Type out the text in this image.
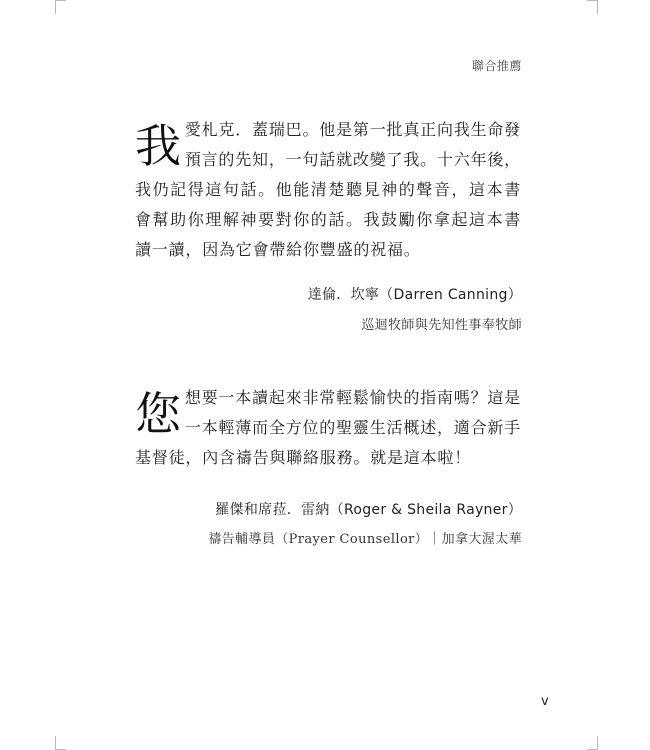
聯合推薦
我 愛札克．蓋瑞巴。他是第一批真正向我生命發預言的先知，一句話就改變了我。十六年後，我仍記得這句話。他能清楚聽見神的聲音，這本書會幫助你理解神要對你的話。我鼓勵你拿起這本書讀一讀，因為它會帶給你豐盛的祝福。
達倫．坎寧（Darren Canning）
巡迴牧師與先知性事奉牧師
您 想要一本讀起來非常輕鬆愉快的指南嗎？這是一本輕薄而全方位的聖靈生活概述，適合新手基督徒，內含禱告與聯絡服務。就是這本啦！
羅傑和席菈．雷納（Roger & Sheila Rayner）
禱告輔導員（Prayer Counsellor）｜加拿大渥太華
v
